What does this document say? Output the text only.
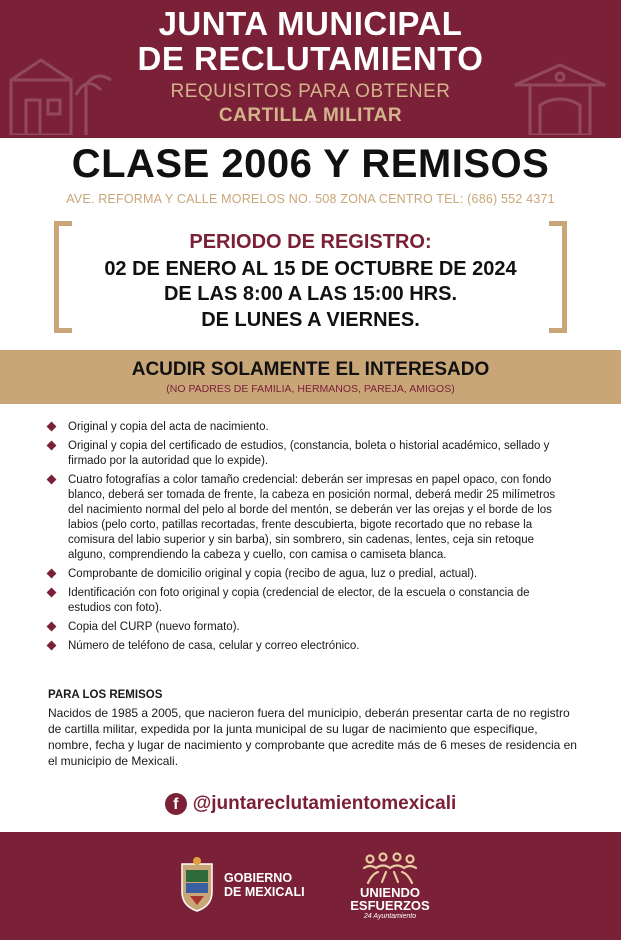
JUNTA MUNICIPAL
DE RECLUTAMIENTO
REQUISITOS PARA OBTENER
CARTILLA MILITAR
CLASE 2006 Y REMISOS
AVE. REFORMA Y CALLE MORELOS NO. 508 ZONA CENTRO TEL: (686) 552 4371
PERIODO DE REGISTRO:
02 DE ENERO AL 15 DE OCTUBRE DE 2024
DE LAS 8:00 A LAS 15:00 HRS.
DE LUNES A VIERNES.
ACUDIR SOLAMENTE EL INTERESADO
(NO PADRES DE FAMILIA, HERMANOS, PAREJA, AMIGOS)
Original y copia del acta de nacimiento.
Original y copia del certificado de estudios, (constancia, boleta o historial académico, sellado y firmado por la autoridad que lo expide).
Cuatro fotografías a color tamaño credencial: deberán ser impresas en papel opaco, con fondo blanco, deberá ser tomada de frente, la cabeza en posición normal, deberá medir 25 milímetros del nacimiento normal del pelo al borde del mentón, se deberán ver las orejas y el borde de los labios (pelo corto, patillas recortadas, frente descubierta, bigote recortado que no rebase la comisura del labio superior y sin barba), sin sombrero, sin cadenas, lentes, ceja sin retoque alguno, comprendiendo la cabeza y cuello, con camisa o camiseta blanca.
Comprobante de domicilio original y copia (recibo de agua, luz o predial, actual).
Identificación con foto original y copia (credencial de elector, de la escuela o constancia de estudios con foto).
Copia del CURP (nuevo formato).
Número de teléfono de casa, celular y correo electrónico.
PARA LOS REMISOS
Nacidos de 1985 a 2005, que nacieron fuera del municipio, deberán presentar carta de no registro de cartilla militar, expedida por la junta municipal de su lugar de nacimiento que especifique, nombre, fecha y lugar de nacimiento y comprobante que acredite más de 6 meses de residencia en el municipio de Mexicali.
f @juntareclutamientomexicali
GOBIERNO
DE MEXICALI	UNIENDO
ESFUERZOS
24 Ayuntamiento
